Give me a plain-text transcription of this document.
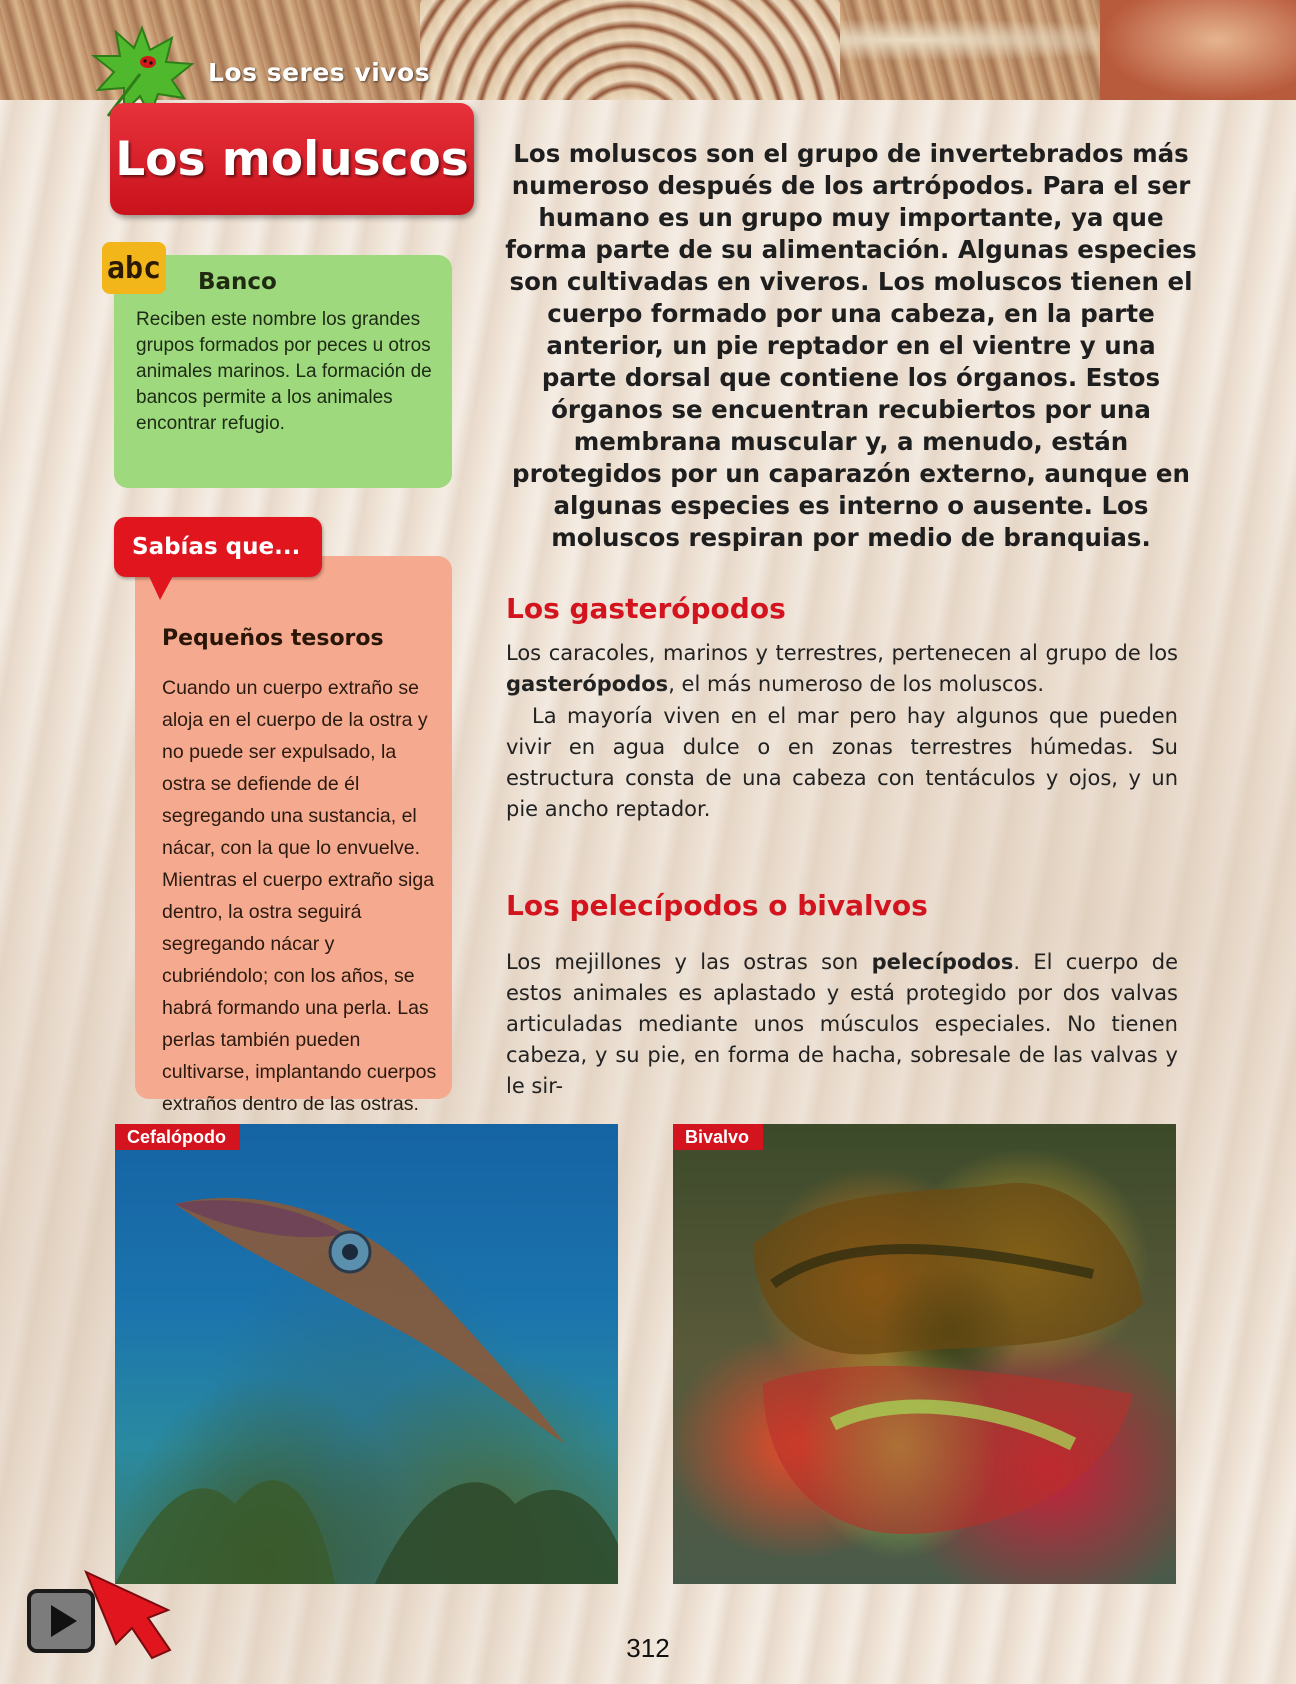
Los seres vivos
Los moluscos
Banco

Reciben este nombre los grandes grupos formados por peces u otros animales marinos. La formación de bancos permite a los animales encontrar refugio.

abc
Pequeños tesoros

Cuando un cuerpo extraño se aloja en el cuerpo de la ostra y no puede ser expulsado, la ostra se defiende de él segregando una sustancia, el nácar, con la que lo envuelve. Mientras el cuerpo extraño siga dentro, la ostra seguirá segregando nácar y cubriéndolo; con los años, se habrá formando una perla. Las perlas también pueden cultivarse, implantando cuerpos extraños dentro de las ostras.

Sabías que...
Los moluscos son el grupo de invertebrados más numeroso después de los artrópodos. Para el ser humano es un grupo muy importante, ya que forma parte de su alimentación. Algunas especies son cultivadas en viveros. Los moluscos tienen el cuerpo formado por una cabeza, en la parte anterior, un pie reptador en el vientre y una parte dorsal que contiene los órganos. Estos órganos se encuentran recubiertos por una membrana muscular y, a menudo, están protegidos por un caparazón externo, aunque en algunas especies es interno o ausente. Los moluscos respiran por medio de branquias.
Los gasterópodos

Los caracoles, marinos y terrestres, pertenecen al grupo de los gasterópodos, el más numeroso de los moluscos.

La mayoría viven en el mar pero hay algunos que pueden vivir en agua dulce o en zonas terrestres húmedas. Su estructura consta de una cabeza con tentáculos y ojos, y un pie ancho reptador.

Los pelecípodos o bivalvos

Los mejillones y las ostras son pelecípodos. El cuerpo de estos animales es aplastado y está protegido por dos valvas articuladas mediante unos músculos especiales. No tienen cabeza, y su pie, en forma de hacha, sobresale de las valvas y le sir-

Cefalópodo	Bivalvo
312
